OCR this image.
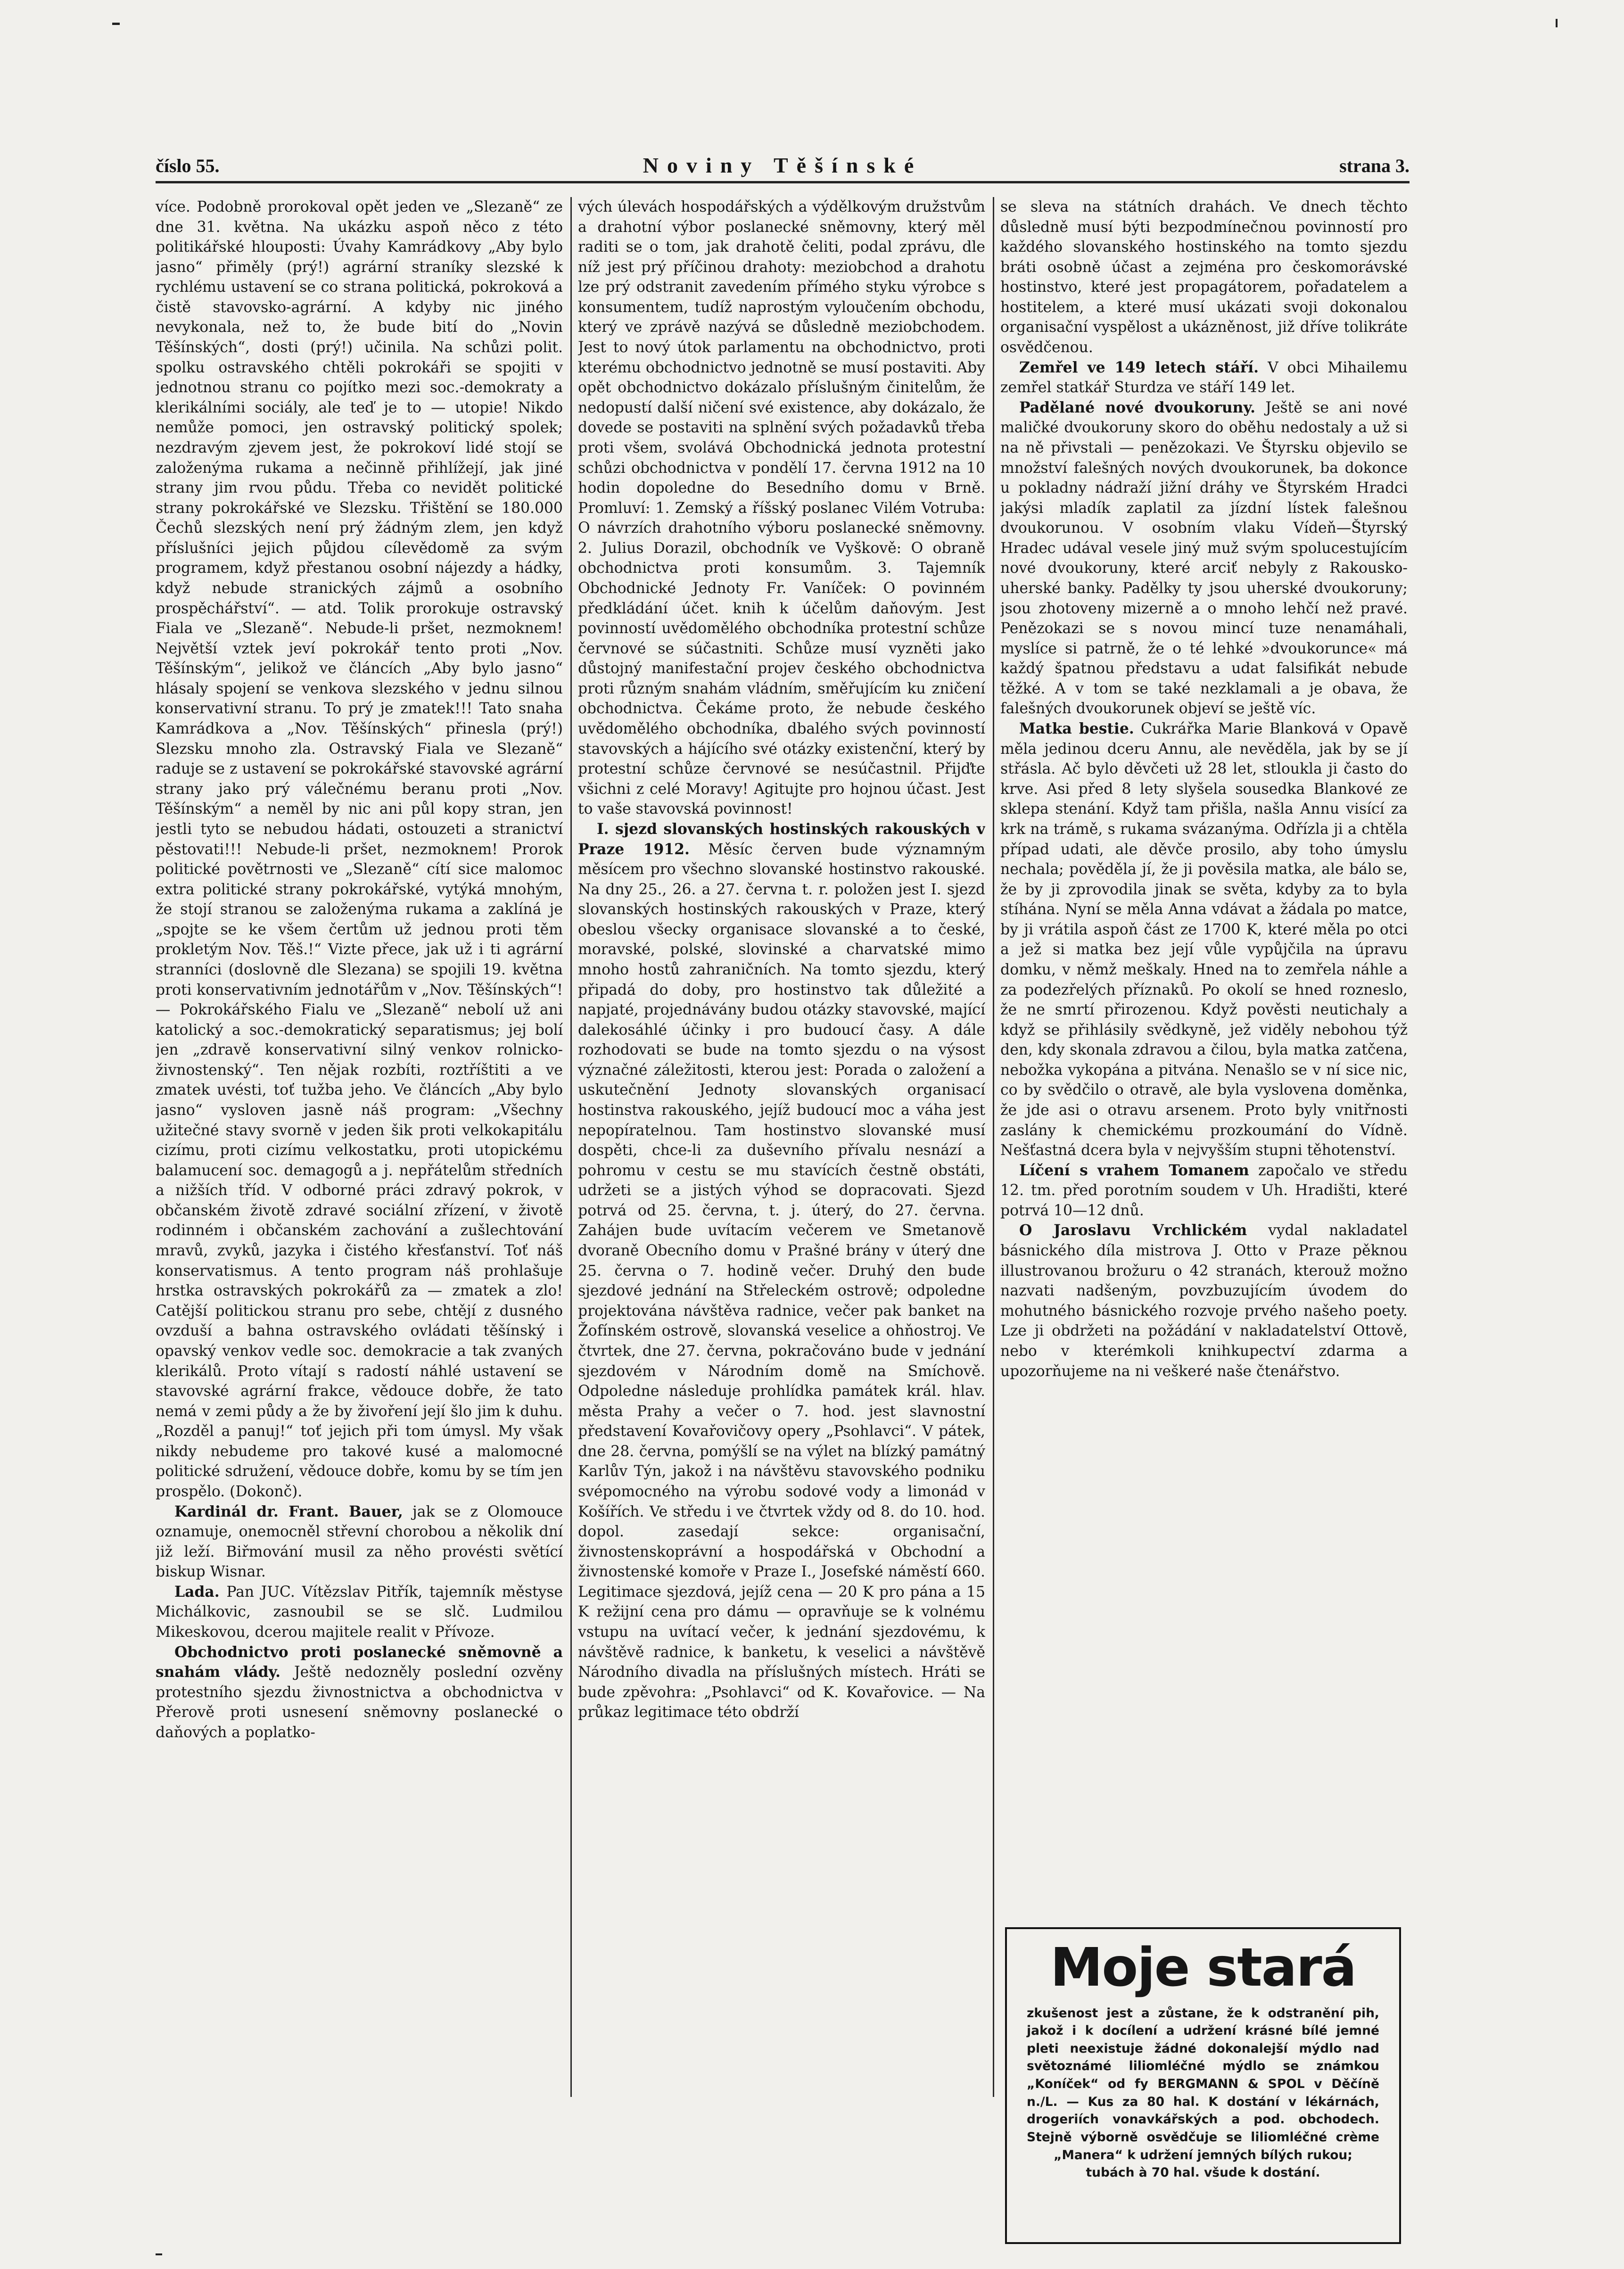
číslo 55.	Noviny Těšínské	strana 3.

více. Podobně prorokoval opět jeden ve „Slezaně“ ze dne 31. května. Na ukázku aspoň něco z této politikářské hlouposti: Úvahy Kamrádkovy „Aby bylo jasno“ přiměly (prý!) agrární straníky slezské k rychlému ustavení se co strana politická, pokroková a čistě stavovsko-agrární. A kdyby nic jiného nevykonala, než to, že bude bití do „Novin Těšínských“, dosti (prý!) učinila. Na schůzi polit. spolku ostravského chtěli pokrokáři se spojiti v jednotnou stranu co pojítko mezi soc.-demokraty a klerikálními sociály, ale teď je to — utopie! Nikdo nemůže pomoci, jen ostravský politický spolek; nezdravým zjevem jest, že pokrokoví lidé stojí se založenýma rukama a nečinně přihlížejí, jak jiné strany jim rvou půdu. Třeba co nevidět politické strany pokrokářské ve Slezsku. Třištění se 180.000 Čechů slezských není prý žádným zlem, jen když příslušníci jejich půjdou cílevědomě za svým programem, když přestanou osobní nájezdy a hádky, když nebude stranických zájmů a osobního prospěchářství“. — atd. Tolik prorokuje ostravský Fiala ve „Slezaně“. Nebude-li pršet, nezmoknem! Největší vztek jeví pokrokář tento proti „Nov. Těšínským“, jelikož ve článcích „Aby bylo jasno“ hlásaly spojení se venkova slezského v jednu silnou konservativní stranu. To prý je zmatek!!! Tato snaha Kamrádkova a „Nov. Těšínských“ přinesla (prý!) Slezsku mnoho zla. Ostravský Fiala ve Slezaně“ raduje se z ustavení se pokrokářské stavovské agrární strany jako prý válečnému beranu proti „Nov. Těšínským“ a neměl by nic ani půl kopy stran, jen jestli tyto se nebudou hádati, ostouzeti a stranictví pěstovati!!! Nebude-li pršet, nezmoknem! Prorok politické povětrnosti ve „Slezaně“ cítí sice malomoc extra politické strany pokrokářské, vytýká mnohým, že stojí stranou se založenýma rukama a zaklíná je „spojte se ke všem čertům už jednou proti těm prokletým Nov. Těš.!“ Vizte přece, jak už i ti agrární stranníci (doslovně dle Slezana) se spojili 19. května proti konservativním jednotářům v „Nov. Těšínských“! — Pokrokářského Fialu ve „Slezaně“ nebolí už ani katolický a soc.-demokratický separatismus; jej bolí jen „zdravě konservativní silný venkov rolnicko-živnostenský“. Ten nějak rozbíti, roztříštiti a ve zmatek uvésti, toť tužba jeho. Ve článcích „Aby bylo jasno“ vysloven jasně náš program: „Všechny užitečné stavy svorně v jeden šik proti velkokapitálu cizímu, proti cizímu velkostatku, proti utopickému balamucení soc. demagogů a j. nepřátelům středních a nižších tříd. V odborné práci zdravý pokrok, v občanském životě zdravé sociální zřízení, v životě rodinném i občanském zachování a zušlechtování mravů, zvyků, jazyka i čistého křesťanství. Toť náš konservatismus. A tento program náš prohlašuje hrstka ostravských pokrokářů za — zmatek a zlo! Catější politickou stranu pro sebe, chtějí z dusného ovzduší a bahna ostravského ovládati těšínský i opavský venkov vedle soc. demokracie a tak zvaných klerikálů. Proto vítají s radostí náhlé ustavení se stavovské agrární frakce, vědouce dobře, že tato nemá v zemi půdy a že by živoření její šlo jim k duhu. „Rozděl a panuj!“ toť jejich při tom úmysl. My však nikdy nebudeme pro takové kusé a malomocné politické sdružení, vědouce dobře, komu by se tím jen prospělo. (Dokonč).

Kardinál dr. Frant. Bauer, jak se z Olomouce oznamuje, onemocněl střevní chorobou a několik dní již leží. Biřmování musil za něho provésti světící biskup Wisnar.

Lada. Pan JUC. Vítězslav Pitřík, tajemník městyse Michálkovic, zasnoubil se se slč. Ludmilou Mikeskovou, dcerou majitele realit v Přívoze.

Obchodnictvo proti poslanecké sněmovně a snahám vlády. Ještě nedozněly poslední ozvěny protestního sjezdu živnostnictva a obchodnictva v Přerově proti usnesení sněmovny poslanecké o daňových a poplatko-

vých úlevách hospodářských a výdělkovým družstvům a drahotní výbor poslanecké sněmovny, který měl raditi se o tom, jak drahotě čeliti, podal zprávu, dle níž jest prý příčinou drahoty: meziobchod a drahotu lze prý odstranit zavedením přímého styku výrobce s konsumentem, tudíž naprostým vyloučením obchodu, který ve zprávě nazývá se důsledně meziobchodem. Jest to nový útok parlamentu na obchodnictvo, proti kterému obchodnictvo jednotně se musí postaviti. Aby opět obchodnictvo dokázalo příslušným činitelům, že nedopustí další ničení své existence, aby dokázalo, že dovede se postaviti na splnění svých požadavků třeba proti všem, svolává Obchodnická jednota protestní schůzi obchodnictva v pondělí 17. června 1912 na 10 hodin dopoledne do Besedního domu v Brně. Promluví: 1. Zemský a říšský poslanec Vilém Votruba: O návrzích drahotního výboru poslanecké sněmovny. 2. Julius Dorazil, obchodník ve Vyškově: O obraně obchodnictva proti konsumům. 3. Tajemník Obchodnické Jednoty Fr. Vaníček: O povinném předkládání účet. knih k účelům daňovým. Jest povinností uvědomělého obchodníka protestní schůze červnové se súčastniti. Schůze musí vyzněti jako důstojný manifestační projev českého obchodnictva proti různým snahám vládním, směřujícím ku zničení obchodnictva. Čekáme proto, že nebude českého uvědomělého obchodníka, dbalého svých povinností stavovských a hájícího své otázky existenční, který by protestní schůze červnové se nesúčastnil. Přijďte všichni z celé Moravy! Agitujte pro hojnou účast. Jest to vaše stavovská povinnost!

I. sjezd slovanských hostinských rakouských v Praze 1912. Měsíc červen bude významným měsícem pro všechno slovanské hostinstvo rakouské. Na dny 25., 26. a 27. června t. r. položen jest I. sjezd slovanských hostinských rakouských v Praze, který obeslou všecky organisace slovanské a to české, moravské, polské, slovinské a charvatské mimo mnoho hostů zahraničních. Na tomto sjezdu, který připadá do doby, pro hostinstvo tak důležité a napjaté, projednávány budou otázky stavovské, mající dalekosáhlé účinky i pro budoucí časy. A dále rozhodovati se bude na tomto sjezdu o na výsost význačné záležitosti, kterou jest: Porada o založení a uskutečnění Jednoty slovanských organisací hostinstva rakouského, jejíž budoucí moc a váha jest nepopíratelnou. Tam hostinstvo slovanské musí dospěti, chce-li za duševního přívalu nesnází a pohromu v cestu se mu stavících čestně obstáti, udržeti se a jistých výhod se dopracovati. Sjezd potrvá od 25. června, t. j. úterý, do 27. června. Zahájen bude uvítacím večerem ve Smetanově dvoraně Obecního domu v Prašné brány v úterý dne 25. června o 7. hodině večer. Druhý den bude sjezdové jednání na Střeleckém ostrově; odpoledne projektována návštěva radnice, večer pak banket na Žofínském ostrově, slovanská veselice a ohňostroj. Ve čtvrtek, dne 27. června, pokračováno bude v jednání sjezdovém v Národním domě na Smíchově. Odpoledne následuje prohlídka památek král. hlav. města Prahy a večer o 7. hod. jest slavnostní představení Kovařovičovy opery „Psohlavci“. V pátek, dne 28. června, pomýšlí se na výlet na blízký památný Karlův Týn, jakož i na návštěvu stavovského podniku svépomocného na výrobu sodové vody a limonád v Košířích. Ve středu i ve čtvrtek vždy od 8. do 10. hod. dopol. zasedají sekce: organisační, živnostenskoprávní a hospodářská v Obchodní a živnostenské komoře v Praze I., Josefské náměstí 660. Legitimace sjezdová, jejíž cena — 20 K pro pána a 15 K režijní cena pro dámu — opravňuje se k volnému vstupu na uvítací večer, k jednání sjezdovému, k návštěvě radnice, k banketu, k veselici a návštěvě Národního divadla na příslušných místech. Hráti se bude zpěvohra: „Psohlavci“ od K. Kovařovice. — Na průkaz legitimace této obdrží

se sleva na státních drahách. Ve dnech těchto důsledně musí býti bezpodmínečnou povinností pro každého slovanského hostinského na tomto sjezdu bráti osobně účast a zejména pro českomorávské hostinstvo, které jest propagátorem, pořadatelem a hostitelem, a které musí ukázati svoji dokonalou organisační vyspělost a ukázněnost, již dříve tolikráte osvědčenou.

Zemřel ve 149 letech stáří. V obci Mihailemu zemřel statkář Sturdza ve stáří 149 let.

Padělané nové dvoukoruny. Ještě se ani nové maličké dvoukoruny skoro do oběhu nedostaly a už si na ně přivstali — penězokazi. Ve Štyrsku objevilo se množství falešných nových dvoukorunek, ba dokonce u pokladny nádraží jižní dráhy ve Štyrském Hradci jakýsi mladík zaplatil za jízdní lístek falešnou dvoukorunou. V osobním vlaku Vídeň—Štyrský Hradec udával vesele jiný muž svým spolucestujícím nové dvoukoruny, které arciť nebyly z Rakousko-uherské banky. Padělky ty jsou uherské dvoukoruny; jsou zhotoveny mizerně a o mnoho lehčí než pravé. Penězokazi se s novou mincí tuze nenamáhali, myslíce si patrně, že o té lehké »dvoukorunce« má každý špatnou představu a udat falsifikát nebude těžké. A v tom se také nezklamali a je obava, že falešných dvoukorunek objeví se ještě víc.

Matka bestie. Cukrářka Marie Blanková v Opavě měla jedinou dceru Annu, ale nevěděla, jak by se jí střásla. Ač bylo děvčeti už 28 let, stloukla ji často do krve. Asi před 8 lety slyšela sousedka Blankové ze sklepa stenání. Když tam přišla, našla Annu visící za krk na trámě, s rukama svázanýma. Odřízla ji a chtěla případ udati, ale děvče prosilo, aby toho úmyslu nechala; pověděla jí, že ji pověsila matka, ale bálo se, že by ji zprovodila jinak se světa, kdyby za to byla stíhána. Nyní se měla Anna vdávat a žádala po matce, by ji vrátila aspoň část ze 1700 K, které měla po otci a jež si matka bez její vůle vypůjčila na úpravu domku, v němž meškaly. Hned na to zemřela náhle a za podezřelých příznaků. Po okolí se hned rozneslo, že ne smrtí přirozenou. Když pověsti neutichaly a když se přihlásily svědkyně, jež viděly nebohou týž den, kdy skonala zdravou a čilou, byla matka zatčena, nebožka vykopána a pitvána. Nenašlo se v ní sice nic, co by svědčilo o otravě, ale byla vyslovena doměnka, že jde asi o otravu arsenem. Proto byly vnitřnosti zaslány k chemickému prozkoumání do Vídně. Nešťastná dcera byla v nejvyšším stupni těhotenství.

Líčení s vrahem Tomanem započalo ve středu 12. tm. před porotním soudem v Uh. Hradišti, které potrvá 10—12 dnů.

O Jaroslavu Vrchlickém vydal nakladatel básnického díla mistrova J. Otto v Praze pěknou illustrovanou brožuru o 42 stranách, kterouž možno nazvati nadšeným, povzbuzujícím úvodem do mohutného básnického rozvoje prvého našeho poety. Lze ji obdržeti na požádání v nakladatelství Ottově, nebo v kterémkoli knihkupectví zdarma a upozorňujeme na ni veškeré naše čtenářstvo.

Moje stará
zkušenost jest a zůstane, že k odstranění pih, jakož i k docílení a udržení krásné bílé jemné pleti neexistuje žádné dokonalejší mýdlo nad světoznámé liliomléčné mýdlo se známkou „Koníček“ od fy BERGMANN & SPOL v Děčíně n./L. — Kus za 80 hal. K dostání v lékárnách, drogeriích vonavkářských a pod. obchodech. Stejně výborně osvědčuje se liliomléčné crème „Manera“ k udržení jemných bílých rukou;
tubách à 70 hal. všude k dostání.
